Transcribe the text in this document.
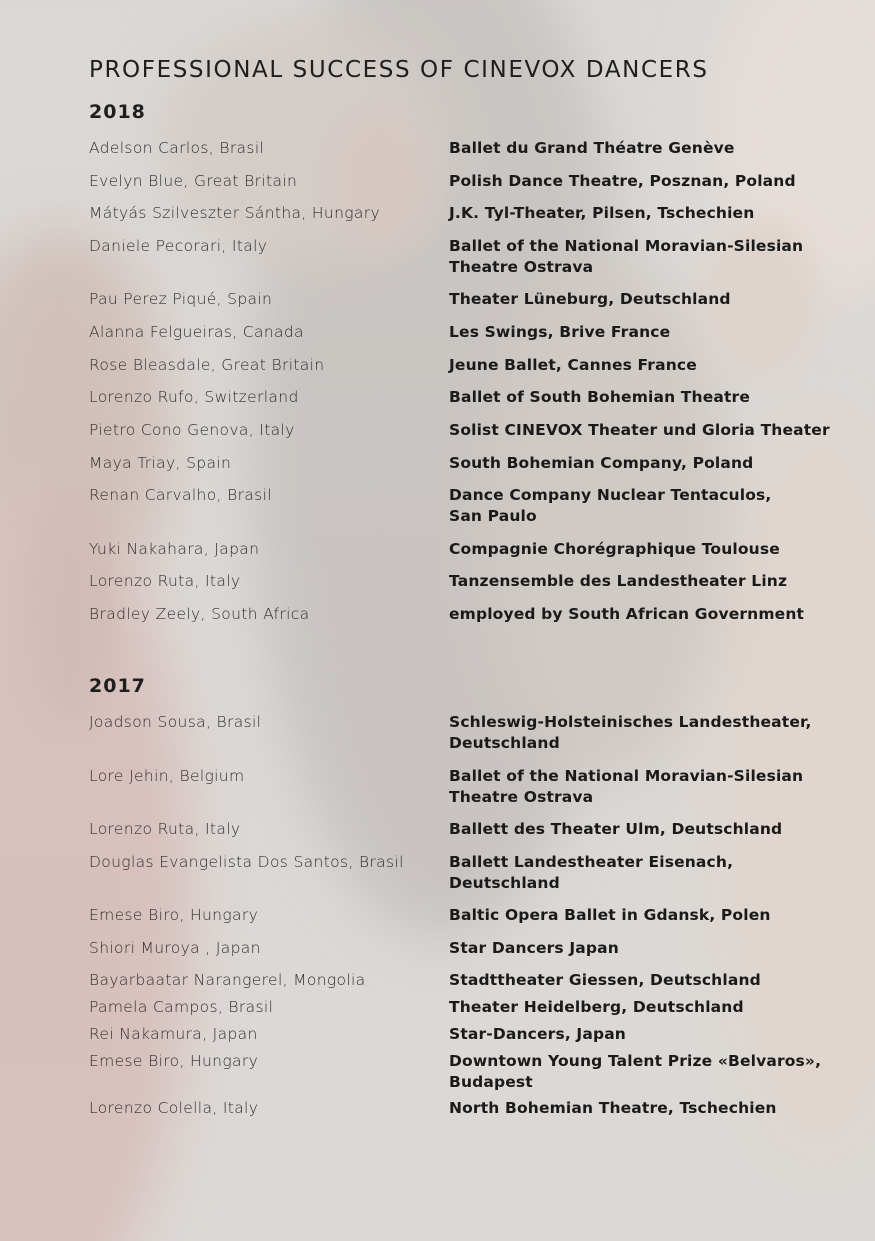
PROFESSIONAL SUCCESS OF CINEVOX DANCERS
2018
Adelson Carlos, Brasil	Ballet du Grand Théatre Genève
Evelyn Blue, Great Britain	Polish Dance Theatre, Posznan, Poland
Mátyás Szilveszter Sántha, Hungary	J.K. Tyl-Theater, Pilsen, Tschechien
Daniele Pecorari, Italy	Ballet of the National Moravian-Silesian
Theatre Ostrava
Pau Perez Piqué, Spain	Theater Lüneburg, Deutschland
Alanna Felgueiras, Canada	Les Swings, Brive France
Rose Bleasdale, Great Britain	Jeune Ballet, Cannes France
Lorenzo Rufo, Switzerland	Ballet of South Bohemian Theatre
Pietro Cono Genova, Italy	Solist CINEVOX Theater und Gloria Theater
Maya Triay, Spain	South Bohemian Company, Poland
Renan Carvalho, Brasil	Dance Company Nuclear Tentaculos,
San Paulo
Yuki Nakahara, Japan	Compagnie Chorégraphique Toulouse
Lorenzo Ruta, Italy	Tanzensemble des Landestheater Linz
Bradley Zeely, South Africa	employed by South African Government
2017
Joadson Sousa, Brasil	Schleswig-Holsteinisches Landestheater,
Deutschland
Lore Jehin, Belgium	Ballet of the National Moravian-Silesian
Theatre Ostrava
Lorenzo Ruta, Italy	Ballett des Theater Ulm, Deutschland
Douglas Evangelista Dos Santos, Brasil	Ballett Landestheater Eisenach,
Deutschland
Emese Biro, Hungary	Baltic Opera Ballet in Gdansk, Polen
Shiori Muroya , Japan	Star Dancers Japan
Bayarbaatar Narangerel, Mongolia	Stadttheater Giessen, Deutschland
Pamela Campos, Brasil	Theater Heidelberg, Deutschland
Rei Nakamura, Japan	Star-Dancers, Japan
Emese Biro, Hungary	Downtown Young Talent Prize «Belvaros»,
Budapest
Lorenzo Colella, Italy	North Bohemian Theatre, Tschechien
